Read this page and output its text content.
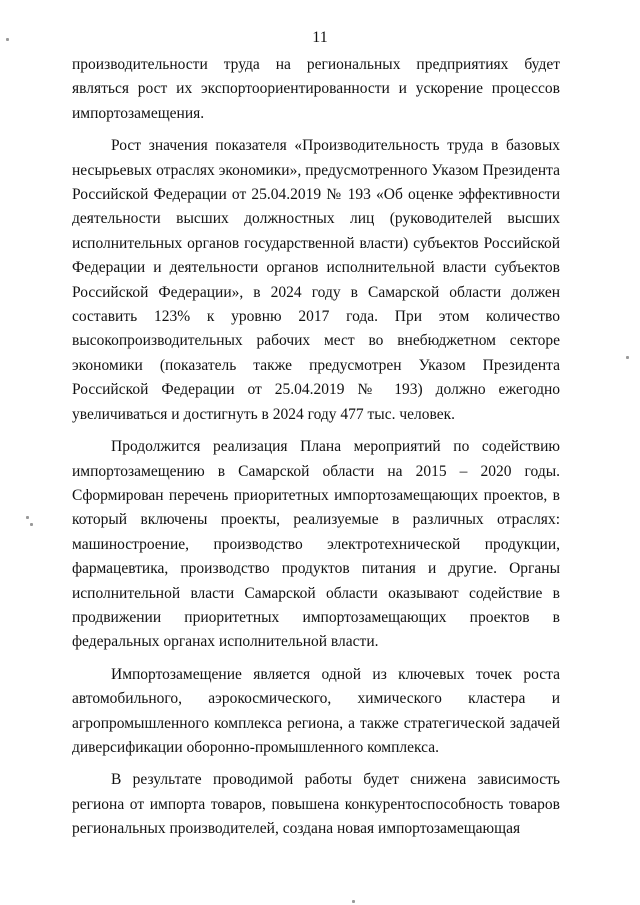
11

производительности труда на региональных предприятиях будет являться рост их экспортоориентированности и ускорение процессов импортозамещения.

Рост значения показателя «Производительность труда в базовых несырьевых отраслях экономики», предусмотренного Указом Президента Российской Федерации от 25.04.2019 № 193 «Об оценке эффективности деятельности высших должностных лиц (руководителей высших исполнительных органов государственной власти) субъектов Российской Федерации и деятельности органов исполнительной власти субъектов Российской Федерации», в 2024 году в Самарской области должен составить 123% к уровню 2017 года. При этом количество высокопроизводительных рабочих мест во внебюджетном секторе экономики (показатель также предусмотрен Указом Президента Российской Федерации от 25.04.2019 № 193) должно ежегодно увеличиваться и достигнуть в 2024 году 477 тыс. человек.

Продолжится реализация Плана мероприятий по содействию импортозамещению в Самарской области на 2015 – 2020 годы. Сформирован перечень приоритетных импортозамещающих проектов, в который включены проекты, реализуемые в различных отраслях: машиностроение, производство электротехнической продукции, фармацевтика, производство продуктов питания и другие. Органы исполнительной власти Самарской области оказывают содействие в продвижении приоритетных импортозамещающих проектов в федеральных органах исполнительной власти.

Импортозамещение является одной из ключевых точек роста автомобильного, аэрокосмического, химического кластера и агропромышленного комплекса региона, а также стратегической задачей диверсификации оборонно-промышленного комплекса.

В результате проводимой работы будет снижена зависимость региона от импорта товаров, повышена конкурентоспособность товаров региональных производителей, создана новая импортозамещающая
